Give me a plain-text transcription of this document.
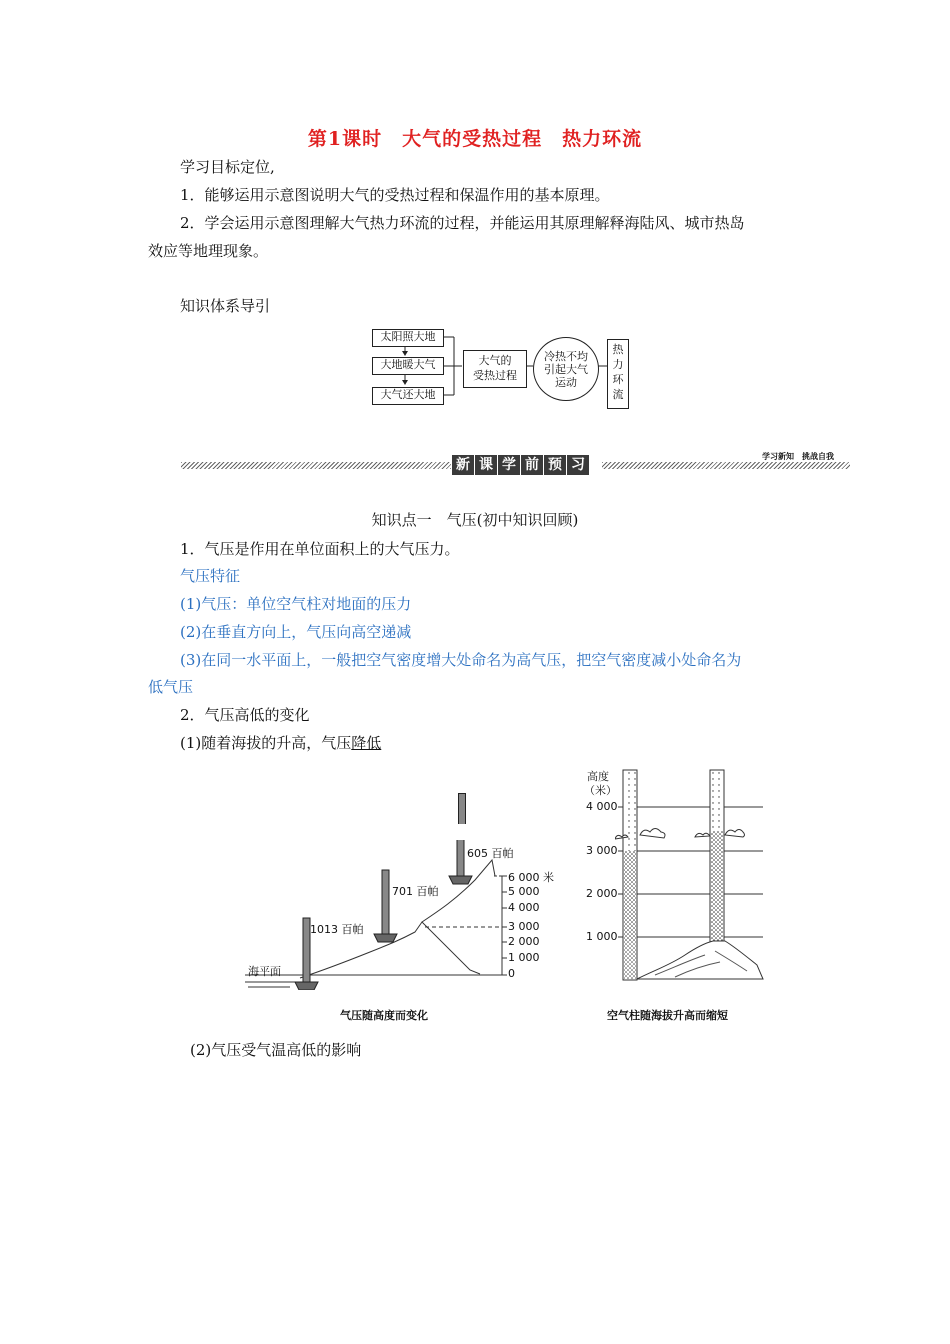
第1课时　大气的受热过程　热力环流
学习目标定位,
1．能够运用示意图说明大气的受热过程和保温作用的基本原理。
2．学会运用示意图理解大气热力环流的过程，并能运用其原理解释海陆风、城市热岛
效应等地理现象。
知识体系导引
太阳照大地
大地暖大气
大气还大地
大气的
受热过程
冷热不均
引起大气
运动
热
力
环
流
新 课 学 前 预 习
学习新知　挑战自我
知识点一　气压(初中知识回顾)
1．气压是作用在单位面积上的大气压力。
气压特征
(1)气压：单位空气柱对地面的压力
(2)在垂直方向上，气压向高空递减
(3)在同一水平面上，一般把空气密度增大处命名为高气压，把空气密度减小处命名为
低气压
2．气压高低的变化
(1)随着海拔的升高，气压降低
海平面
1013 百帕
701 百帕
605 百帕
6 000 米
5 000
4 000
3 000
2 000
1 000
0
气压随高度而变化
高度
（米）
4 000
3 000
2 000
1 000
空气柱随海拔升高而缩短
(2)气压受气温高低的影响
